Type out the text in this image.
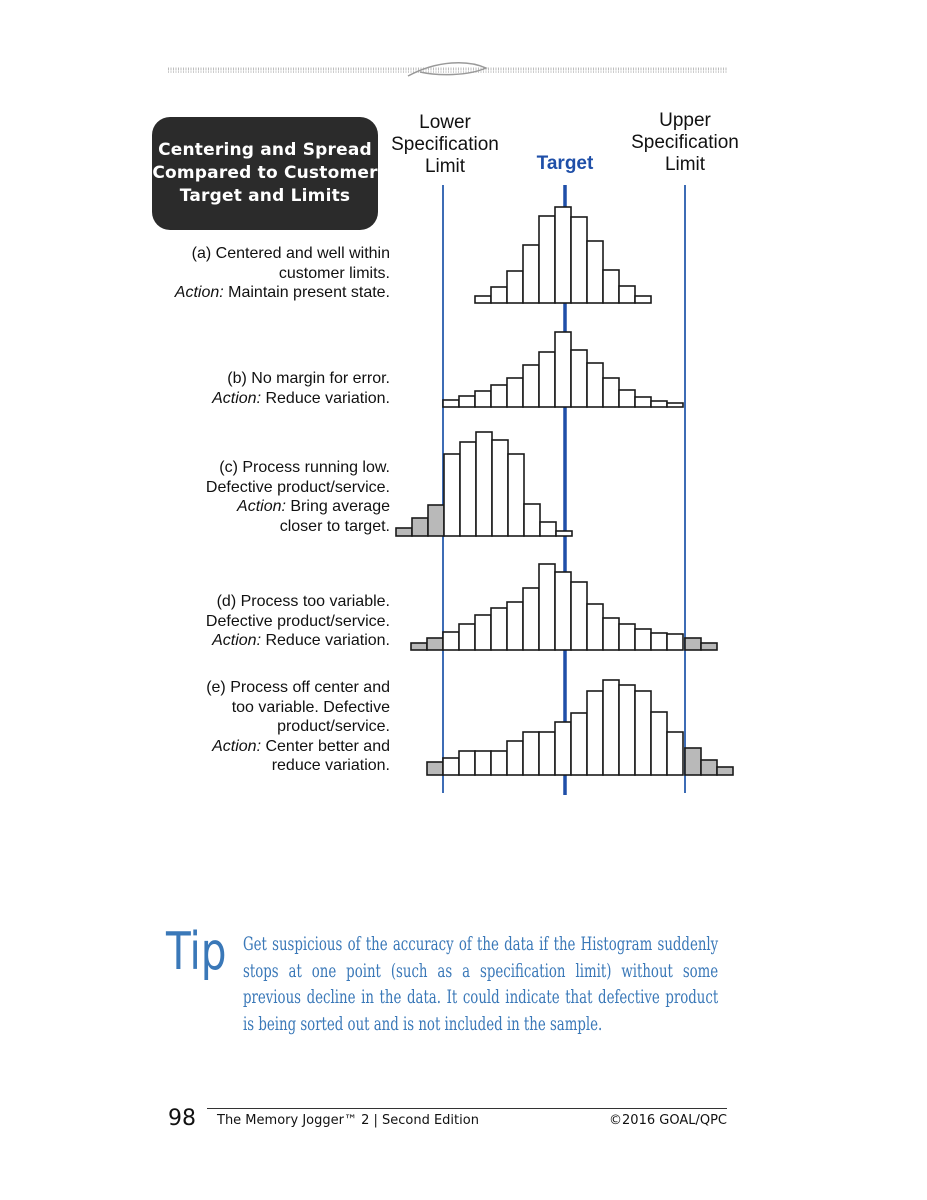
Centering and Spread
Compared to Customer
Target and Limits
Lower
Specification
Limit
Upper
Specification
Limit
Target
(a) Centered and well within
customer limits.
Action: Maintain present state.
(b) No margin for error.
Action: Reduce variation.
(c) Process running low.
Defective product/service.
Action: Bring average
closer to target.
(d) Process too variable.
Defective product/service.
Action: Reduce variation.
(e) Process off center and
too variable. Defective
product/service.
Action: Center better and
reduce variation.
Tip Get suspicious of the accuracy of the data if the Histogram suddenly stops at one point (such as a specification limit) without some previous decline in the data. It could indicate that defective product is being sorted out and is not included in the sample.
98 The Memory Jogger™ 2 | Second Edition	©2016 GOAL/QPC
